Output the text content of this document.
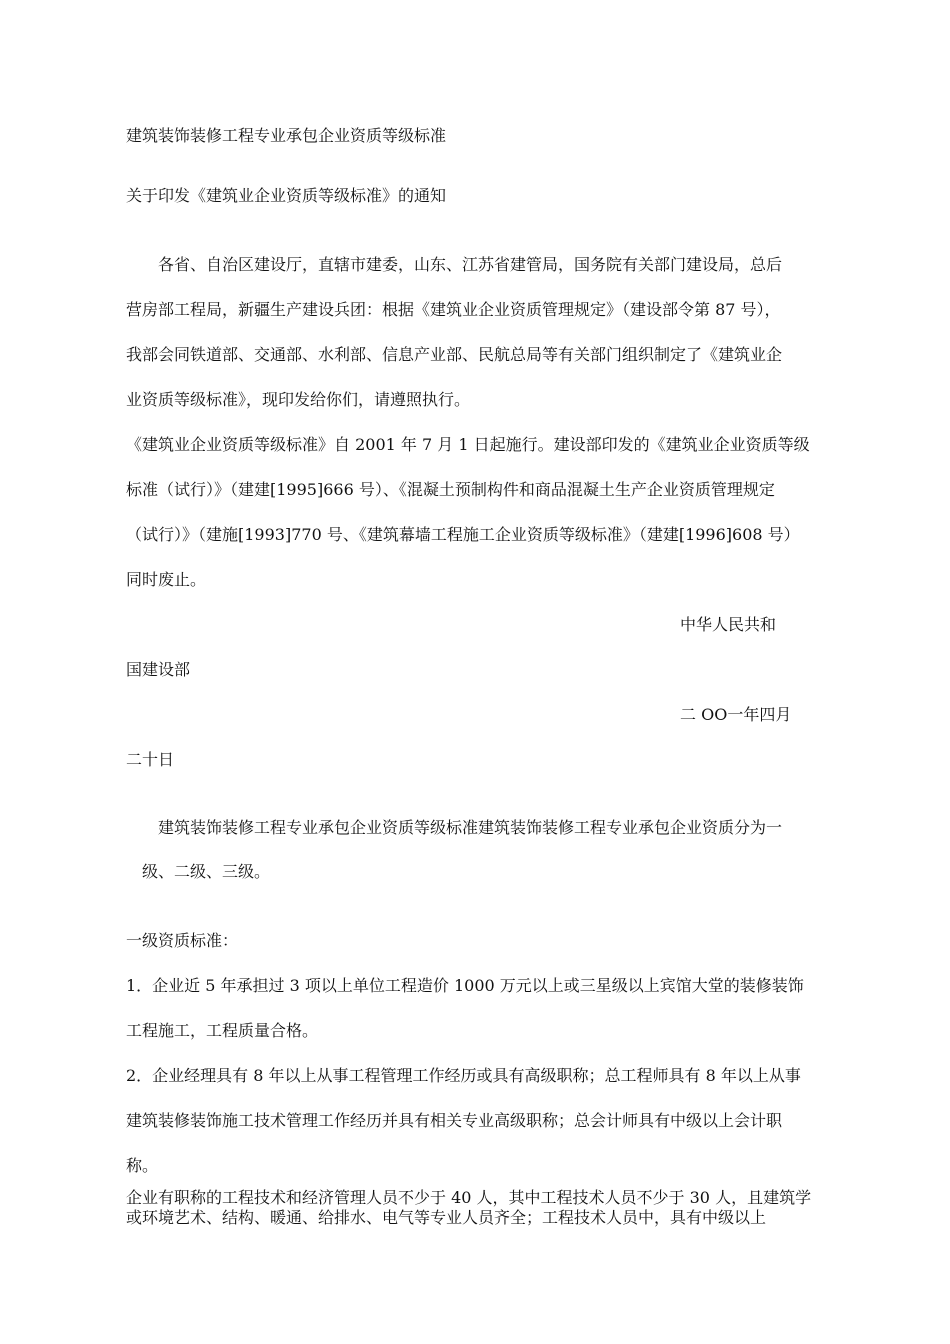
建筑装饰装修工程专业承包企业资质等级标准
关于印发《建筑业企业资质等级标准》的通知
各省、自治区建设厅，直辖市建委，山东、江苏省建管局，国务院有关部门建设局，总后
营房部工程局，新疆生产建设兵团：根据《建筑业企业资质管理规定》（建设部令第 87 号），
我部会同铁道部、交通部、水利部、信息产业部、民航总局等有关部门组织制定了《建筑业企
业资质等级标准》，现印发给你们，请遵照执行。
《建筑业企业资质等级标准》自 2001 年 7 月 1 日起施行。建设部印发的《建筑业企业资质等级
标准（试行）》（建建[1995]666 号）、《混凝土预制构件和商品混凝土生产企业资质管理规定
（试行）》（建施[1993]770 号、《建筑幕墙工程施工企业资质等级标准》（建建[1996]608 号）
同时废止。
中华人民共和
国建设部
二 OO一年四月
二十日
建筑装饰装修工程专业承包企业资质等级标准建筑装饰装修工程专业承包企业资质分为一
级、二级、三级。
一级资质标准：
1．企业近 5 年承担过 3 项以上单位工程造价 1000 万元以上或三星级以上宾馆大堂的装修装饰
工程施工，工程质量合格。
2．企业经理具有 8 年以上从事工程管理工作经历或具有高级职称；总工程师具有 8 年以上从事
建筑装修装饰施工技术管理工作经历并具有相关专业高级职称；总会计师具有中级以上会计职
称。
企业有职称的工程技术和经济管理人员不少于 40 人，其中工程技术人员不少于 30 人，且建筑学或环境艺术、结构、暖通、给排水、电气等专业人员齐全；工程技术人员中，具有中级以上
